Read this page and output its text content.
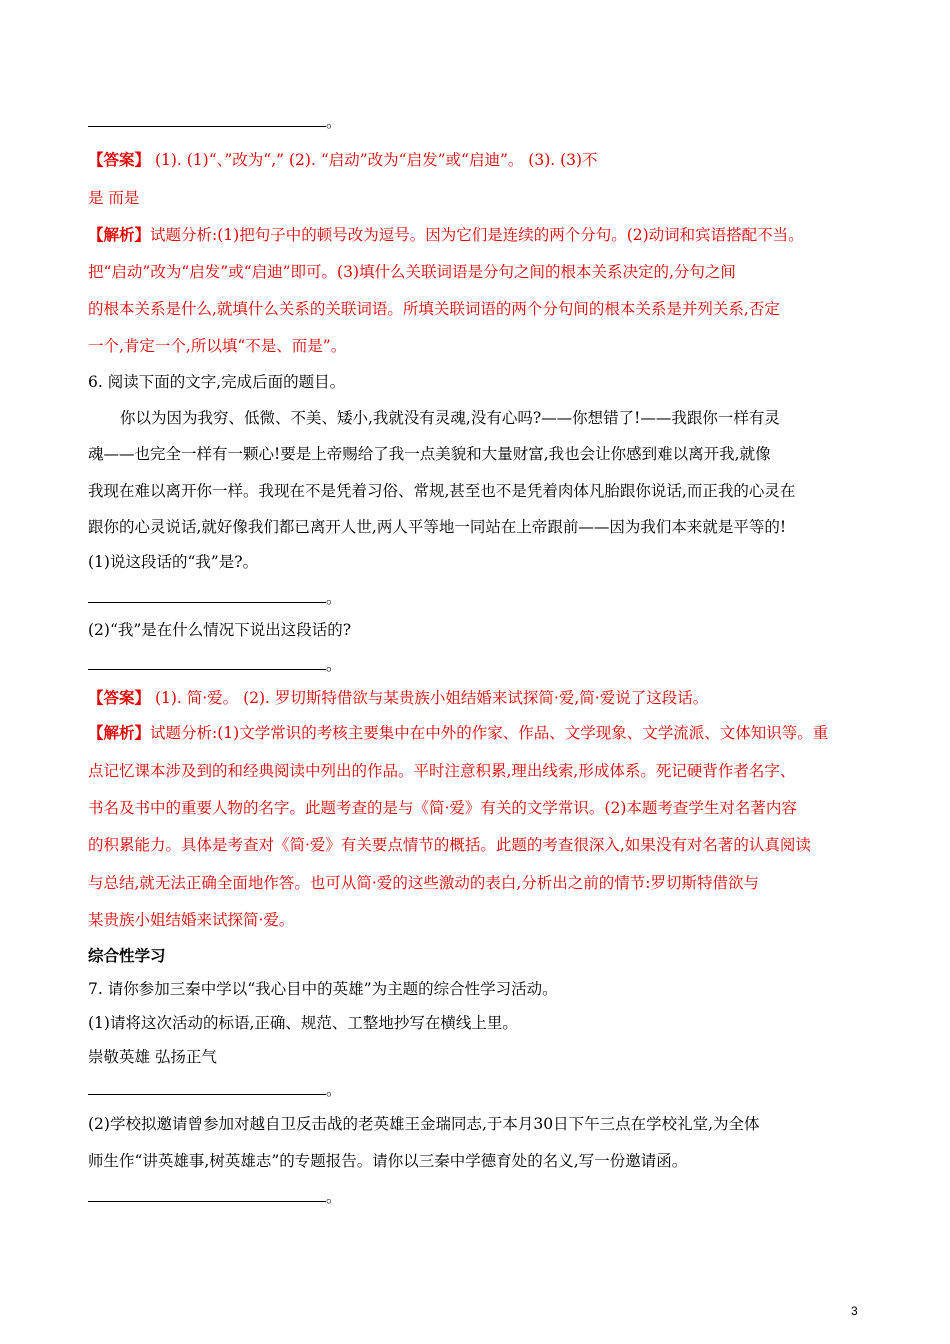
。
【答案】 (1). (1)“、”改为“,” (2). “启动”改为“启发”或“启迪”。 (3). (3)不
是 而是
【解析】试题分析:(1)把句子中的顿号改为逗号。因为它们是连续的两个分句。(2)动词和宾语搭配不当。
把“启动”改为“启发”或“启迪”即可。(3)填什么关联词语是分句之间的根本关系决定的,分句之间
的根本关系是什么,就填什么关系的关联词语。所填关联词语的两个分句间的根本关系是并列关系,否定
一个,肯定一个,所以填“不是、而是”。
6. 阅读下面的文字,完成后面的题目。
你以为因为我穷、低微、不美、矮小,我就没有灵魂,没有心吗?——你想错了!——我跟你一样有灵
魂——也完全一样有一颗心!要是上帝赐给了我一点美貌和大量财富,我也会让你感到难以离开我,就像
我现在难以离开你一样。我现在不是凭着习俗、常规,甚至也不是凭着肉体凡胎跟你说话,而正我的心灵在
跟你的心灵说话,就好像我们都已离开人世,两人平等地一同站在上帝跟前——因为我们本来就是平等的!
(1)说这段话的“我”是?。
。
(2)“我”是在什么情况下说出这段话的?
。
【答案】 (1). 简·爱。 (2). 罗切斯特借欲与某贵族小姐结婚来试探简·爱,简·爱说了这段话。
【解析】试题分析:(1)文学常识的考核主要集中在中外的作家、作品、文学现象、文学流派、文体知识等。重
点记忆课本涉及到的和经典阅读中列出的作品。平时注意积累,理出线索,形成体系。死记硬背作者名字、
书名及书中的重要人物的名字。此题考查的是与《简·爱》有关的文学常识。(2)本题考查学生对名著内容
的积累能力。具体是考查对《简·爱》有关要点情节的概括。此题的考查很深入,如果没有对名著的认真阅读
与总结,就无法正确全面地作答。也可从简·爱的这些激动的表白,分析出之前的情节:罗切斯特借欲与
某贵族小姐结婚来试探简·爱。
综合性学习
7. 请你参加三秦中学以“我心目中的英雄”为主题的综合性学习活动。
(1)请将这次活动的标语,正确、规范、工整地抄写在横线上里。
崇敬英雄 弘扬正气
。
(2)学校拟邀请曾参加对越自卫反击战的老英雄王金瑞同志,于本月30日下午三点在学校礼堂,为全体
师生作“讲英雄事,树英雄志”的专题报告。请你以三秦中学德育处的名义,写一份邀请函。
。
3
